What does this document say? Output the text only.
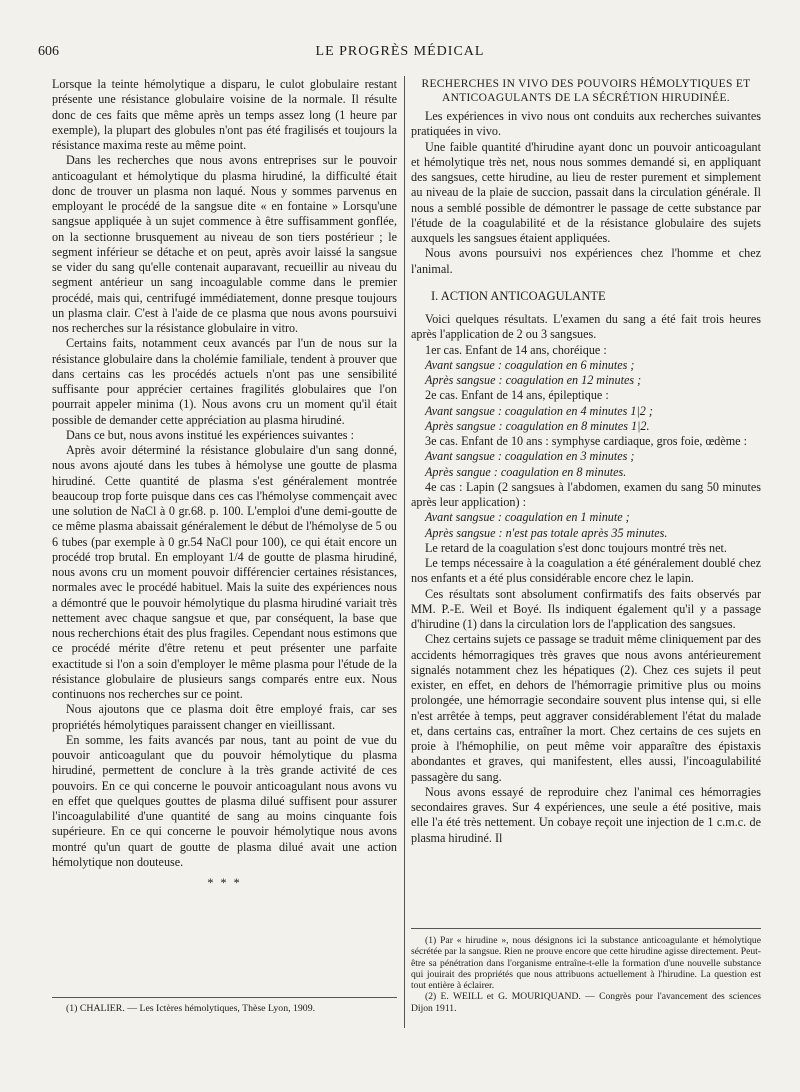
606	LE PROGRÈS MÉDICAL

Lorsque la teinte hémolytique a disparu, le culot globulaire restant présente une résistance globulaire voisine de la normale. Il résulte donc de ces faits que même après un temps assez long (1 heure par exemple), la plupart des globules n'ont pas été fragilisés et toujours la résistance maxima reste au même point.

Dans les recherches que nous avons entreprises sur le pouvoir anticoagulant et hémolytique du plasma hirudiné, la difficulté était donc de trouver un plasma non laqué. Nous y sommes parvenus en employant le procédé de la sangsue dite « en fontaine » Lorsqu'une sangsue appliquée à un sujet commence à être suffisamment gonflée, on la sectionne brusquement au niveau de son tiers postérieur ; le segment inférieur se détache et on peut, après avoir laissé la sangsue se vider du sang qu'elle contenait auparavant, recueillir au niveau du segment antérieur un sang incoagulable comme dans le premier procédé, mais qui, centrifugé immédiatement, donne presque toujours un plasma clair. C'est à l'aide de ce plasma que nous avons poursuivi nos recherches sur la résistance globulaire in vitro.

Certains faits, notamment ceux avancés par l'un de nous sur la résistance globulaire dans la cholémie familiale, tendent à prouver que dans certains cas les procédés actuels n'ont pas une sensibilité suffisante pour apprécier certaines fragilités globulaires que l'on pourrait appeler minima (1). Nous avons cru un moment qu'il était possible de demander cette appréciation au plasma hirudiné.

Dans ce but, nous avons institué les expériences suivantes :

Après avoir déterminé la résistance globulaire d'un sang donné, nous avons ajouté dans les tubes à hémolyse une goutte de plasma hirudiné. Cette quantité de plasma s'est généralement montrée beaucoup trop forte puisque dans ces cas l'hémolyse commençait avec une solution de NaCl à 0 gr.68. p. 100. L'emploi d'une demi-goutte de ce même plasma abaissait généralement le début de l'hémolyse de 5 ou 6 tubes (par exemple à 0 gr.54 NaCl pour 100), ce qui était encore un procédé trop brutal. En employant 1/4 de goutte de plasma hirudiné, nous avons cru un moment pouvoir différencier certaines résistances, normales avec le procédé habituel. Mais la suite des expériences nous a démontré que le pouvoir hémolytique du plasma hirudiné variait très nettement avec chaque sangsue et que, par conséquent, la base que nous recherchions était des plus fragiles. Cependant nous estimons que ce procédé mérite d'être retenu et peut présenter une parfaite exactitude si l'on a soin d'employer le même plasma pour l'étude de la résistance globulaire de plusieurs sangs comparés entre eux. Nous continuons nos recherches sur ce point.

Nous ajoutons que ce plasma doit être employé frais, car ses propriétés hémolytiques paraissent changer en vieillissant.

En somme, les faits avancés par nous, tant au point de vue du pouvoir anticoagulant que du pouvoir hémolytique du plasma hirudiné, permettent de conclure à la très grande activité de ces pouvoirs. En ce qui concerne le pouvoir anticoagulant nous avons vu en effet que quelques gouttes de plasma dilué suffisent pour assurer l'incoagulabilité d'une quantité de sang au moins cinquante fois supérieure. En ce qui concerne le pouvoir hémolytique nous avons montré qu'un quart de goutte de plasma dilué avait une action hémolytique non douteuse.

* * *
RECHERCHES IN VIVO DES POUVOIRS HÉMOLYTIQUES ET ANTICOAGULANTS DE LA SÉCRÉTION HIRUDINÉE.

Les expériences in vivo nous ont conduits aux recherches suivantes pratiquées in vivo.

Une faible quantité d'hirudine ayant donc un pouvoir anticoagulant et hémolytique très net, nous nous sommes demandé si, en appliquant des sangsues, cette hirudine, au lieu de rester purement et simplement au niveau de la plaie de succion, passait dans la circulation générale. Il nous a semblé possible de démontrer le passage de cette substance par l'étude de la coagulabilité et de la résistance globulaire des sujets auxquels les sangsues étaient appliquées.

Nous avons poursuivi nos expériences chez l'homme et chez l'animal.

I. ACTION ANTICOAGULANTE

Voici quelques résultats. L'examen du sang a été fait trois heures après l'application de 2 ou 3 sangsues.

1er cas. Enfant de 14 ans, choréique :

Avant sangsue : coagulation en 6 minutes ;

Après sangsue : coagulation en 12 minutes ;

2e cas. Enfant de 14 ans, épileptique :

Avant sangsue : coagulation en 4 minutes 1|2 ;

Après sangsue : coagulation en 8 minutes 1|2.

3e cas. Enfant de 10 ans : symphyse cardiaque, gros foie, œdème :

Avant sangsue : coagulation en 3 minutes ;

Après sangue : coagulation en 8 minutes.

4e cas : Lapin (2 sangsues à l'abdomen, examen du sang 50 minutes après leur application) :

Avant sangsue : coagulation en 1 minute ;

Après sangsue : n'est pas totale après 35 minutes.

Le retard de la coagulation s'est donc toujours montré très net.

Le temps nécessaire à la coagulation a été généralement doublé chez nos enfants et a été plus considérable encore chez le lapin.

Ces résultats sont absolument confirmatifs des faits observés par MM. P.-E. Weil et Boyé. Ils indiquent également qu'il y a passage d'hirudine (1) dans la circulation lors de l'application des sangsues.

Chez certains sujets ce passage se traduit même cliniquement par des accidents hémorragiques très graves que nous avons antérieurement signalés notamment chez les hépatiques (2). Chez ces sujets il peut exister, en effet, en dehors de l'hémorragie primitive plus ou moins prolongée, une hémorragie secondaire souvent plus intense qui, si elle n'est arrêtée à temps, peut aggraver considérablement l'état du malade et, dans certains cas, entraîner la mort. Chez certains de ces sujets en proie à l'hémophilie, on peut même voir apparaître des épistaxis abondantes et graves, qui manifestent, elles aussi, l'incoagulabilité passagère du sang.

Nous avons essayé de reproduire chez l'animal ces hémorragies secondaires graves. Sur 4 expériences, une seule a été positive, mais elle l'a été très nettement. Un cobaye reçoit une injection de 1 c.m.c. de plasma hirudiné. Il

(1) CHALIER. — Les Ictères hémolytiques, Thèse Lyon, 1909.

(1) Par « hirudine », nous désignons ici la substance anticoagulante et hémolytique sécrétée par la sangsue. Rien ne prouve encore que cette hirudine agisse directement. Peut-être sa pénétration dans l'organisme entraîne-t-elle la formation d'une nouvelle substance qui jouirait des propriétés que nous attribuons actuellement à l'hirudine. La question est tout entière à éclairer.

(2) E. WEILL et G. MOURIQUAND. — Congrès pour l'avancement des sciences Dijon 1911.
